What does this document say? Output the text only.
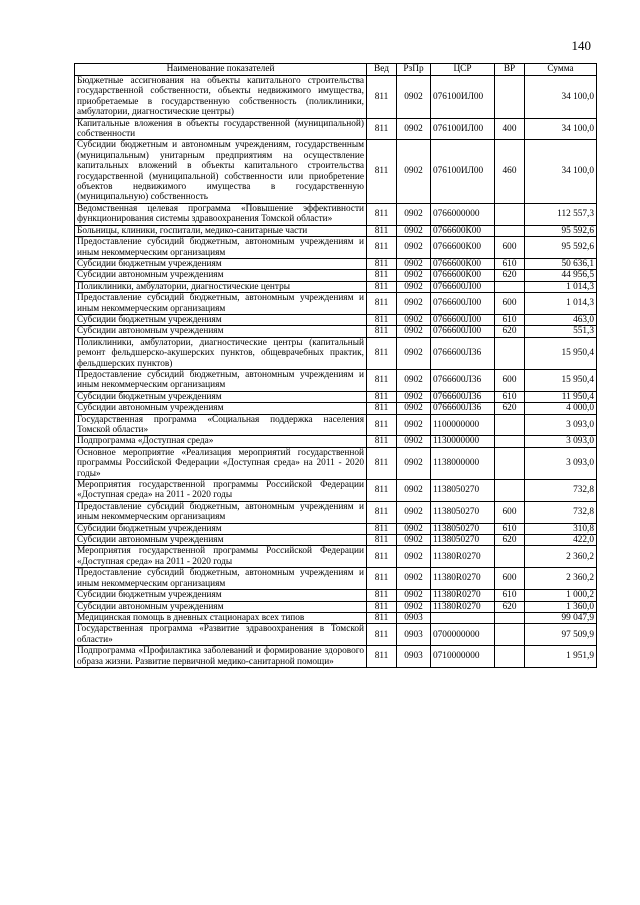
140
Наименование показателей	Вед	РзПр	ЦСР	ВР	Сумма
Бюджетные ассигнования на объекты капитального строительства государственной собственности, объекты недвижимого имущества, приобретаемые в государственную собственность (поликлиники, амбулатории, диагностические центры)	811	0902	076100ИЛ00		34 100,0
Капитальные вложения в объекты государственной (муниципальной) собственности	811	0902	076100ИЛ00	400	34 100,0
Субсидии бюджетным и автономным учреждениям, государственным (муниципальным) унитарным предприятиям на осуществление капитальных вложений в объекты капитального строительства государственной (муниципальной) собственности или приобретение объектов недвижимого имущества в государственную (муниципальную) собственность	811	0902	076100ИЛ00	460	34 100,0
Ведомственная целевая программа «Повышение эффективности функционирования системы здравоохранения Томской области»	811	0902	0766000000		112 557,3
Больницы, клиники, госпитали, медико-санитарные части	811	0902	0766600К00		95 592,6
Предоставление субсидий бюджетным, автономным учреждениям и иным некоммерческим организациям	811	0902	0766600К00	600	95 592,6
Субсидии бюджетным учреждениям	811	0902	0766600К00	610	50 636,1
Субсидии автономным учреждениям	811	0902	0766600К00	620	44 956,5
Поликлиники, амбулатории, диагностические центры	811	0902	0766600Л00		1 014,3
Предоставление субсидий бюджетным, автономным учреждениям и иным некоммерческим организациям	811	0902	0766600Л00	600	1 014,3
Субсидии бюджетным учреждениям	811	0902	0766600Л00	610	463,0
Субсидии автономным учреждениям	811	0902	0766600Л00	620	551,3
Поликлиники, амбулатории, диагностические центры (капитальный ремонт фельдшерско-акушерских пунктов, общеврачебных практик, фельдшерских пунктов)	811	0902	0766600Л36		15 950,4
Предоставление субсидий бюджетным, автономным учреждениям и иным некоммерческим организациям	811	0902	0766600Л36	600	15 950,4
Субсидии бюджетным учреждениям	811	0902	0766600Л36	610	11 950,4
Субсидии автономным учреждениям	811	0902	0766600Л36	620	4 000,0
Государственная программа «Социальная поддержка населения Томской области»	811	0902	1100000000		3 093,0
Подпрограмма «Доступная среда»	811	0902	1130000000		3 093,0
Основное мероприятие «Реализация мероприятий государственной программы Российской Федерации «Доступная среда» на 2011 - 2020 годы»	811	0902	1138000000		3 093,0
Мероприятия государственной программы Российской Федерации «Доступная среда» на 2011 - 2020 годы	811	0902	1138050270		732,8
Предоставление субсидий бюджетным, автономным учреждениям и иным некоммерческим организациям	811	0902	1138050270	600	732,8
Субсидии бюджетным учреждениям	811	0902	1138050270	610	310,8
Субсидии автономным учреждениям	811	0902	1138050270	620	422,0
Мероприятия государственной программы Российской Федерации «Доступная среда» на 2011 - 2020 годы	811	0902	11380R0270		2 360,2
Предоставление субсидий бюджетным, автономным учреждениям и иным некоммерческим организациям	811	0902	11380R0270	600	2 360,2
Субсидии бюджетным учреждениям	811	0902	11380R0270	610	1 000,2
Субсидии автономным учреждениям	811	0902	11380R0270	620	1 360,0
Медицинская помощь в дневных стационарах всех типов	811	0903			99 047,9
Государственная программа «Развитие здравоохранения в Томской области»	811	0903	0700000000		97 509,9
Подпрограмма «Профилактика заболеваний и формирование здорового образа жизни. Развитие первичной медико-санитарной помощи»	811	0903	0710000000		1 951,9
